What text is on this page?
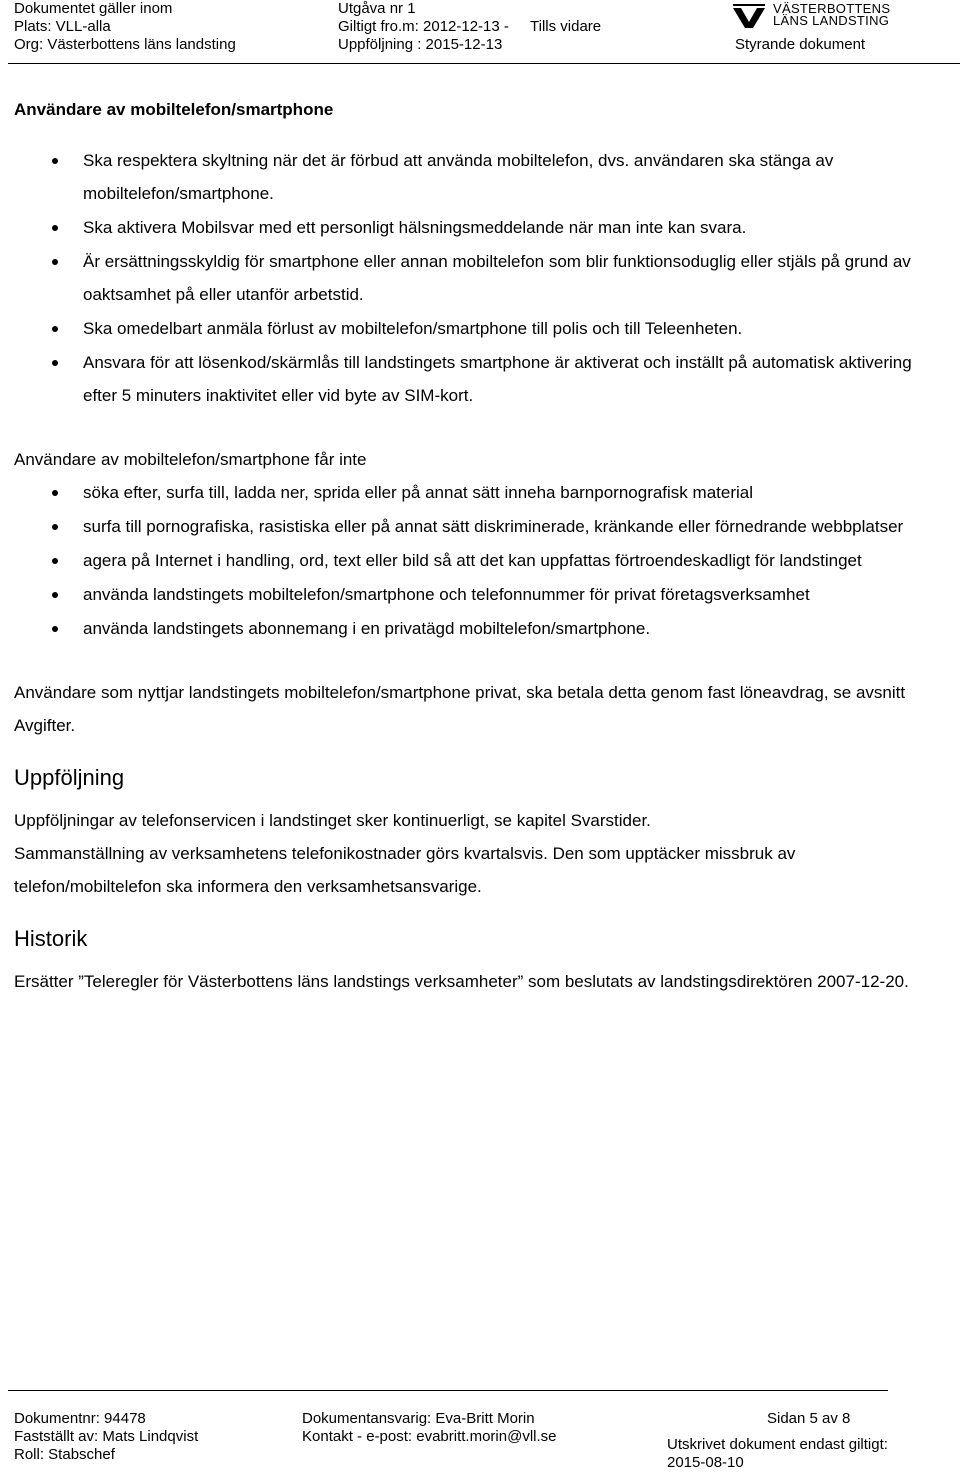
Dokumentet gäller inom
Plats: VLL-alla
Org: Västerbottens läns landsting
Utgåva nr 1
Giltigt fro.m: 2012-12-13 - Tills vidare
Uppföljning : 2015-12-13
VÄSTERBOTTENS
LÄNS LANDSTING
Styrande dokument
Användare av mobiltelefon/smartphone
Ska respektera skyltning när det är förbud att använda mobiltelefon, dvs. användaren ska stänga av mobiltelefon/smartphone.
Ska aktivera Mobilsvar med ett personligt hälsningsmeddelande när man inte kan svara.
Är ersättningsskyldig för smartphone eller annan mobiltelefon som blir funktionsoduglig eller stjäls på grund av oaktsamhet på eller utanför arbetstid.
Ska omedelbart anmäla förlust av mobiltelefon/smartphone till polis och till Teleenheten.
Ansvara för att lösenkod/skärmlås till landstingets smartphone är aktiverat och inställt på automatisk aktivering efter 5 minuters inaktivitet eller vid byte av SIM-kort.

Användare av mobiltelefon/smartphone får inte

söka efter, surfa till, ladda ner, sprida eller på annat sätt inneha barnpornografisk material
surfa till pornografiska, rasistiska eller på annat sätt diskriminerade, kränkande eller förnedrande webbplatser
agera på Internet i handling, ord, text eller bild så att det kan uppfattas förtroendeskadligt för landstinget
använda landstingets mobiltelefon/smartphone och telefonnummer för privat företagsverksamhet
använda landstingets abonnemang i en privatägd mobiltelefon/smartphone.

Användare som nyttjar landstingets mobiltelefon/smartphone privat, ska betala detta genom fast löneavdrag, se avsnitt Avgifter.

Uppföljning

Uppföljningar av telefonservicen i landstinget sker kontinuerligt, se kapitel Svarstider.

Sammanställning av verksamhetens telefonikostnader görs kvartalsvis. Den som upptäcker missbruk av telefon/mobiltelefon ska informera den verksamhetsansvarige.

Historik

Ersätter ”Teleregler för Västerbottens läns landstings verksamheter” som beslutats av landstingsdirektören 2007-12-20.

Dokumentnr: 94478
Fastställt av: Mats Lindqvist
Roll: Stabschef
Dokumentansvarig: Eva-Britt Morin
Kontakt - e-post: evabritt.morin@vll.se
Sidan 5 av 8
Utskrivet dokument endast giltigt:
2015-08-10
